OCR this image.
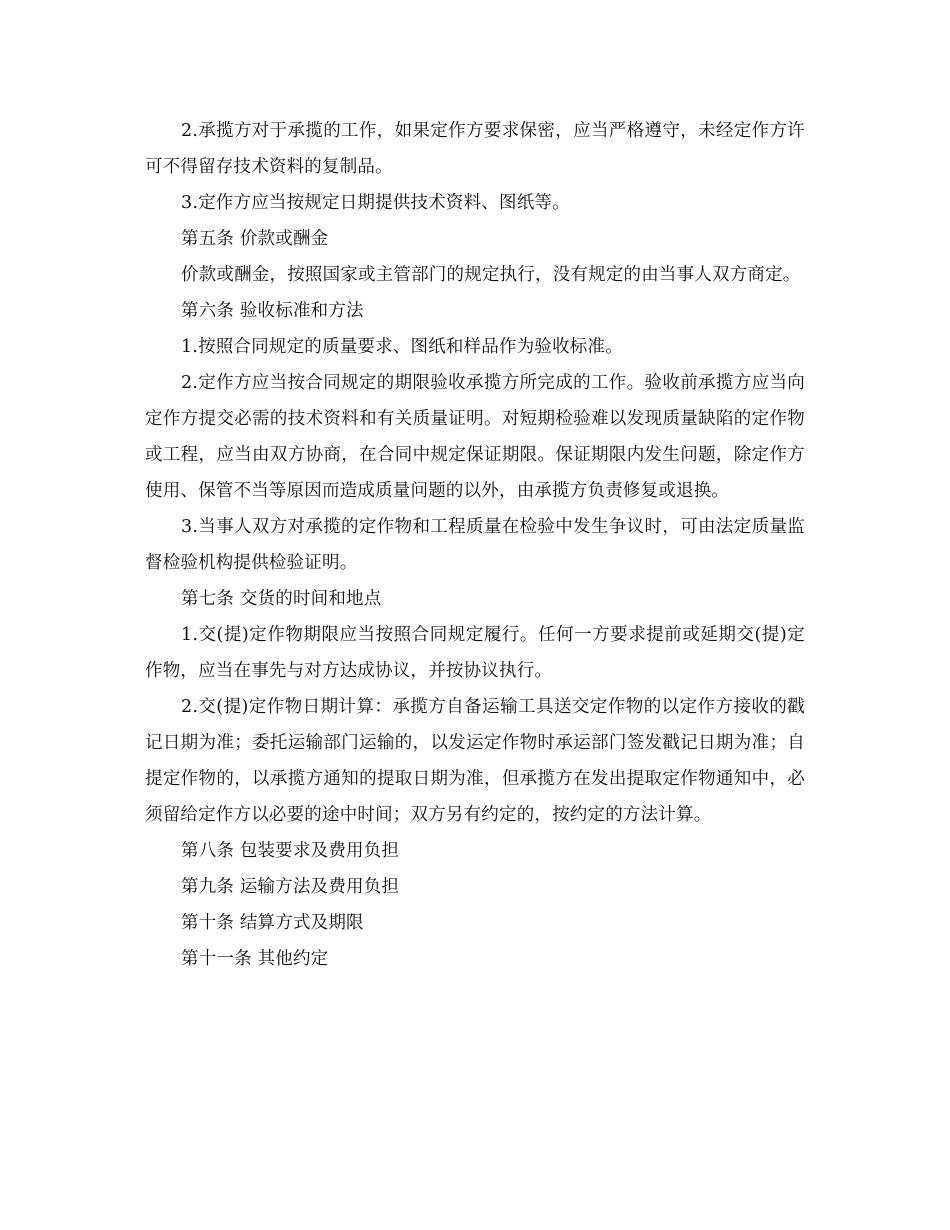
2.承揽方对于承揽的工作，如果定作方要求保密，应当严格遵守，未经定作方许可不得留存技术资料的复制品。

3.定作方应当按规定日期提供技术资料、图纸等。

第五条 价款或酬金

价款或酬金，按照国家或主管部门的规定执行，没有规定的由当事人双方商定。

第六条 验收标准和方法

1.按照合同规定的质量要求、图纸和样品作为验收标准。

2.定作方应当按合同规定的期限验收承揽方所完成的工作。验收前承揽方应当向定作方提交必需的技术资料和有关质量证明。对短期检验难以发现质量缺陷的定作物或工程，应当由双方协商，在合同中规定保证期限。保证期限内发生问题，除定作方使用、保管不当等原因而造成质量问题的以外，由承揽方负责修复或退换。

3.当事人双方对承揽的定作物和工程质量在检验中发生争议时，可由法定质量监督检验机构提供检验证明。

第七条 交货的时间和地点

1.交(提)定作物期限应当按照合同规定履行。任何一方要求提前或延期交(提)定作物，应当在事先与对方达成协议，并按协议执行。

2.交(提)定作物日期计算：承揽方自备运输工具送交定作物的以定作方接收的戳记日期为准；委托运输部门运输的，以发运定作物时承运部门签发戳记日期为准；自提定作物的，以承揽方通知的提取日期为准，但承揽方在发出提取定作物通知中，必须留给定作方以必要的途中时间；双方另有约定的，按约定的方法计算。

第八条 包装要求及费用负担

第九条 运输方法及费用负担

第十条 结算方式及期限

第十一条 其他约定
